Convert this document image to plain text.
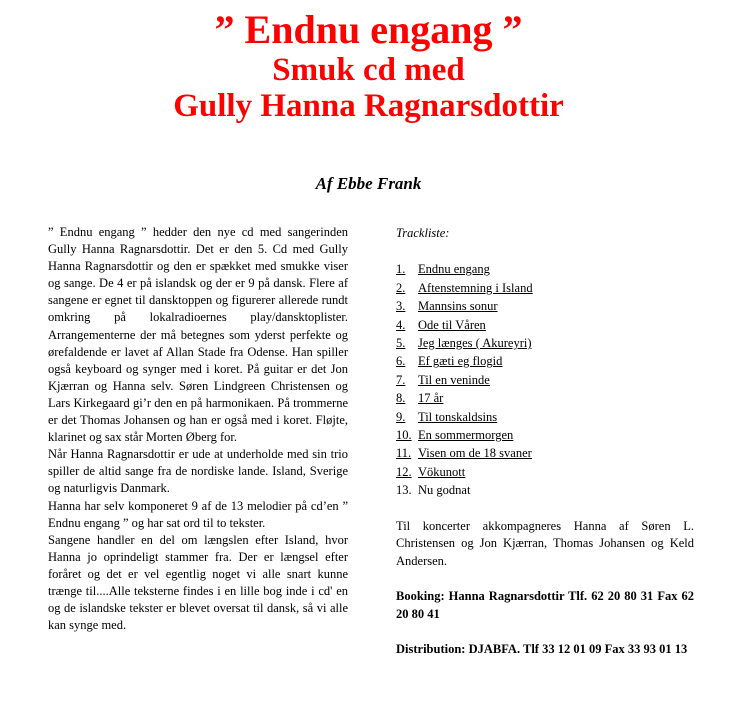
” Endnu engang ”
Smuk cd med
Gully Hanna Ragnarsdottir
Af Ebbe Frank

” Endnu engang ” hedder den nye cd med sangerinden Gully Hanna Ragnarsdottir. Det er den 5. Cd med Gully Hanna Ragnarsdottir og den er spækket med smukke viser og sange. De 4 er på islandsk og der er 9 på dansk. Flere af sangene er egnet til dansktoppen og figurerer allerede rundt omkring på lokalradioernes play/dansktoplister. Arrangementerne der må betegnes som yderst perfekte og ørefaldende er lavet af Allan Stade fra Odense. Han spiller også keyboard og synger med i koret. På guitar er det Jon Kjærran og Hanna selv. Søren Lindgreen Christensen og Lars Kirkegaard gi’r den en på harmonikaen. På trommerne er det Thomas Johansen og han er også med i koret. Fløjte, klarinet og sax står Morten Øberg for.

Når Hanna Ragnarsdottir er ude at underholde med sin trio spiller de altid sange fra de nordiske lande. Island, Sverige og naturligvis Danmark.

Hanna har selv komponeret 9 af de 13 melodier på cd’en ” Endnu engang ” og har sat ord til to tekster.

Sangene handler en del om længslen efter Island, hvor Hanna jo oprindeligt stammer fra. Der er længsel efter foråret og det er vel egentlig noget vi alle snart kunne trænge til....Alle teksterne findes i en lille bog inde i cd' en og de islandske tekster er blevet oversat til dansk, så vi alle kan synge med.

Trackliste:
1. Endnu engang
2. Aftenstemning i Island
3. Mannsins sonur
4. Ode til Våren
5. Jeg længes ( Akureyri)
6. Ef gæti eg flogid
7. Til en veninde
8. 17 år
9. Til tonskaldsins
10. En sommermorgen
11. Visen om de 18 svaner
12. Vökunott
13. Nu godnat

Til koncerter akkompagneres Hanna af Søren L. Christensen og Jon Kjærran, Thomas Johansen og Keld Andersen.

Booking: Hanna Ragnarsdottir Tlf. 62 20 80 31 Fax 62 20 80 41

Distribution: DJABFA. Tlf 33 12 01 09 Fax 33 93 01 13
